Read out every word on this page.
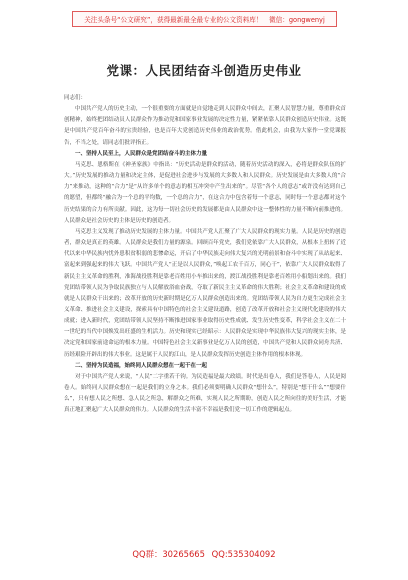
关注头条号“公文研究”，获得最新最全最专业的公文资料库！　微信：gongwenyj
党课：人民团结奋斗创造历史伟业

同志们：

中国共产党人的历史主动，一个很重要的方面就是自觉地走到人民群众中间去，汇聚人民智慧力量，尊重群众首创精神，始终把团结动员人民群众作为推动党和国家事业发展的决定性力量，紧紧依靠人民群众创造历史伟业。这既是中国共产党百年奋斗的宝贵经验，也是百年大党创造历史伟业的政治优势。借此机会，由我为大家作一堂党课报告，不当之处，请同志们批评指正。

一、坚持人民至上，人民群众是党团结奋斗的主体力量

马克思、恩格斯在《神圣家族》中指出：“历史活动是群众的活动，随着历史活动的深入，必将是群众队伍的扩大。”历史发展的推动力量和决定主体，是促进社会进步与发展的大多数人和人民群众。历史发展是由大多数人的“合力”来推动，这种的“合力”是“从许多单个的意志的相互冲突中产生出来的”。尽管“各个人的意志”或许没有达到自己的愿望，但都终“融合为一个总的平均数，一个总的合力”，在这合力中包含着每一个意志，同时每一个意志都对这个历史结果的合力有所贡献。因此，这为每一切社会历史的发展都是由人民群众中这一整体性的力量不断向前推进的。人民群众是社会历史的主体是历史的创造者。

马克思主义发现了推动历史发展的主体力量。中国共产党人汇聚了广大人民群众的现实力量。人民是历史的创造者，群众是真正的英雄。人民群众是我们力量的源泉。回顾百年党史，我们党依靠广大人民群众，从根本上扭转了近代以来中华民族内忧外患积贫积弱的悲惨命运，开启了中华民族走向伟大复兴的光明前景和奋斗中实现了从站起来、富起来到强起来的伟大飞跃。中国共产党人“正是以人民群众，”唤起工农千百万，同心干”，依靠广大人民群众取得了新民主主义革命的胜利，准海战役胜利是靠老百姓用小车推出来的，渡江战役胜利是靠老百姓用小船划出来的。我们党团结带领人民为争取民族独立与人民解放浴血奋战，夺取了新民主主义革命的伟大胜利；社会主义革命和建设的成就是人民群众干出来的；改革开放的历史新时期是亿万人民群众创造出来的。党团结带领人民为自力更生完成社会主义革命、推进社会主义建设，探索具有中国特色的社会主义建设道路，创造了改革开放和社会主义现代化建设的伟大成就；进入新时代，党团结带领人民坚持不断推进国家事业取得历史性成就、发生历史性变革，科学社会主义在二十一世纪的当代中国焕发出旺盛的生机活力。历史和现实已经昭示：人民群众是实现中华民族伟大复兴的现实主体，是决定党和国家前途命运的根本力量。中国特色社会主义新事业是亿万人民的创造，中国共产党和人民群众同舟共济、历经艰险开辟出的伟大事业。这是属于人民的江山，是人民群众发挥历史创造主体作用的根本体现。

二、坚持为民造福，始终同人民群众想在一起干在一起

对于中国共产党人来说，“人民”二字重若千钧。为民造福是最大政绩。时代是出卷人，我们是答卷人，人民是阅卷人。始终同人民群众想在一起是我们的立身之本。我们必须要明确人民群众“想什么”，特别是“想干什么”“想要什么”，只有想人民之所想、急人民之所急，解群众之所难，实现人民之所期盼，创造人民之所向往的美好生活，才能真正地汇聚起广大人民群众的伟力。人民群众的生活丰富不幸福是我们党一切工作的逻辑起点。

QQ群：30265665 QQ:535304092
